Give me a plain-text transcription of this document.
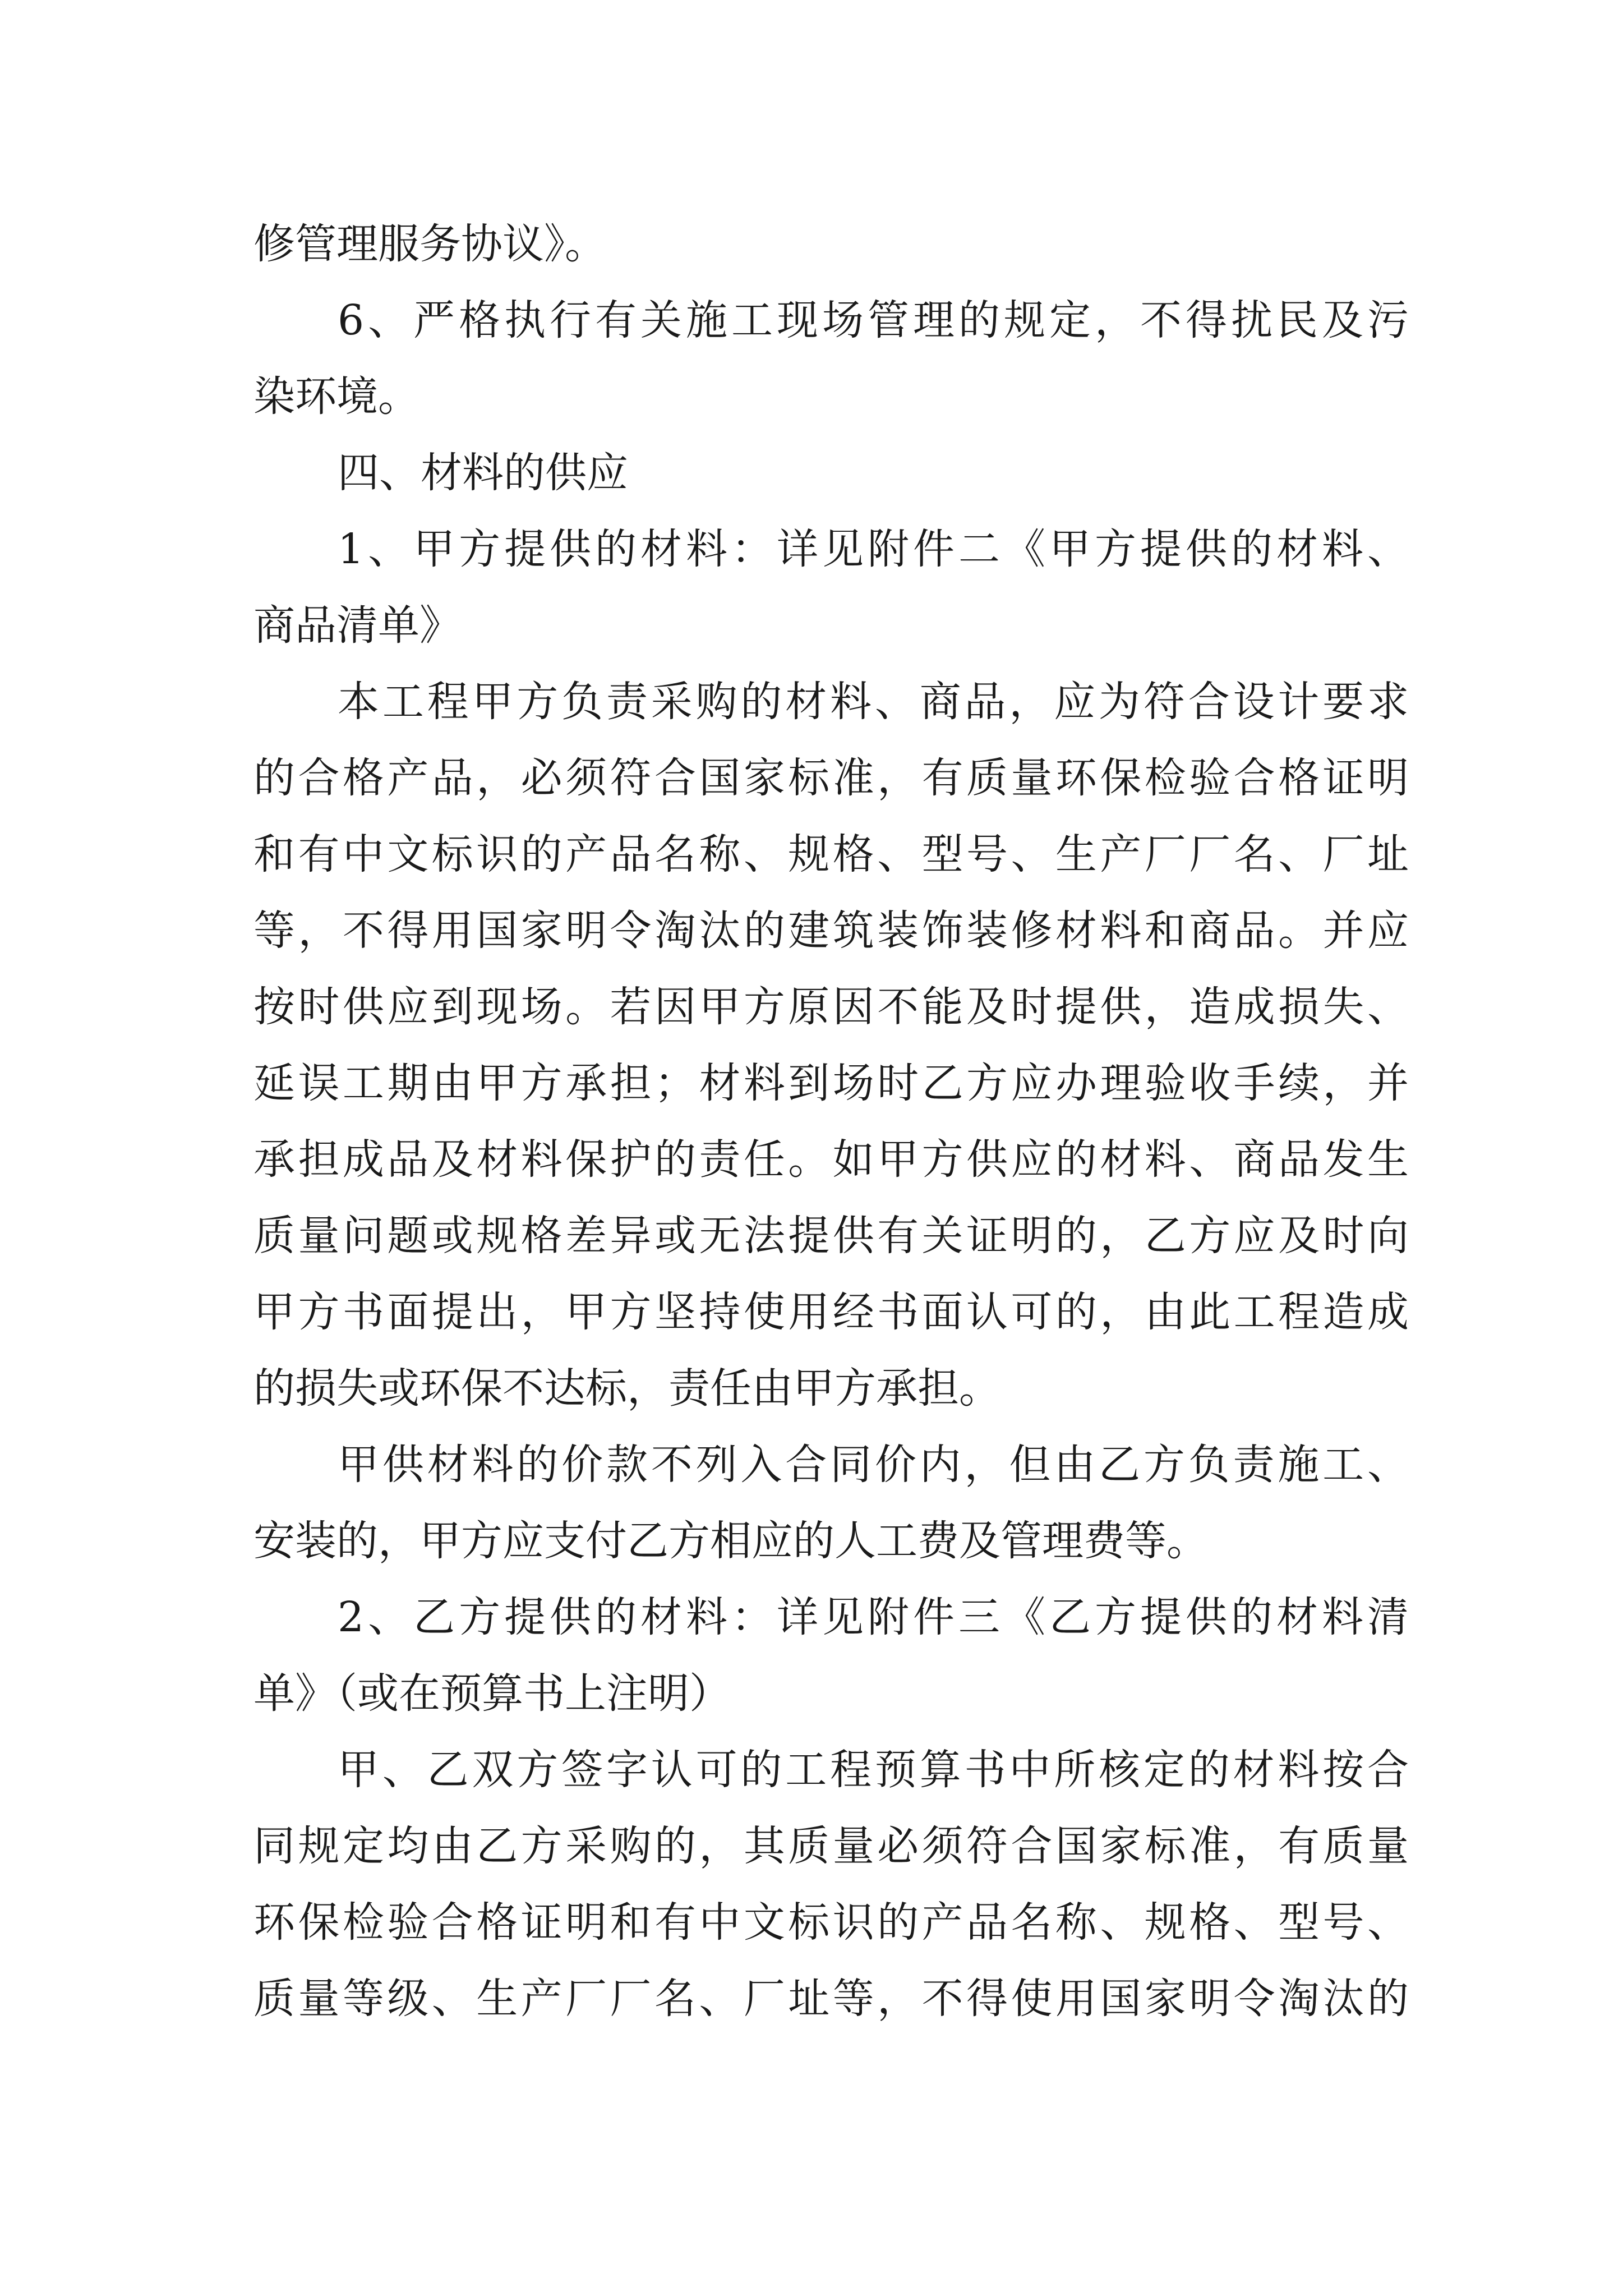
修管理服务协议》。
6、严格执行有关施工现场管理的规定，不得扰民及污
染环境。
四、材料的供应
1、甲方提供的材料：详见附件二《甲方提供的材料、
商品清单》
本工程甲方负责采购的材料、商品，应为符合设计要求
的合格产品，必须符合国家标准，有质量环保检验合格证明
和有中文标识的产品名称、规格、型号、生产厂厂名、厂址
等，不得用国家明令淘汰的建筑装饰装修材料和商品。并应
按时供应到现场。若因甲方原因不能及时提供，造成损失、
延误工期由甲方承担；材料到场时乙方应办理验收手续，并
承担成品及材料保护的责任。如甲方供应的材料、商品发生
质量问题或规格差异或无法提供有关证明的，乙方应及时向
甲方书面提出，甲方坚持使用经书面认可的，由此工程造成
的损失或环保不达标，责任由甲方承担。
甲供材料的价款不列入合同价内，但由乙方负责施工、
安装的，甲方应支付乙方相应的人工费及管理费等。
2、乙方提供的材料：详见附件三《乙方提供的材料清
单》（或在预算书上注明）
甲、乙双方签字认可的工程预算书中所核定的材料按合
同规定均由乙方采购的，其质量必须符合国家标准，有质量
环保检验合格证明和有中文标识的产品名称、规格、型号、
质量等级、生产厂厂名、厂址等，不得使用国家明令淘汰的
